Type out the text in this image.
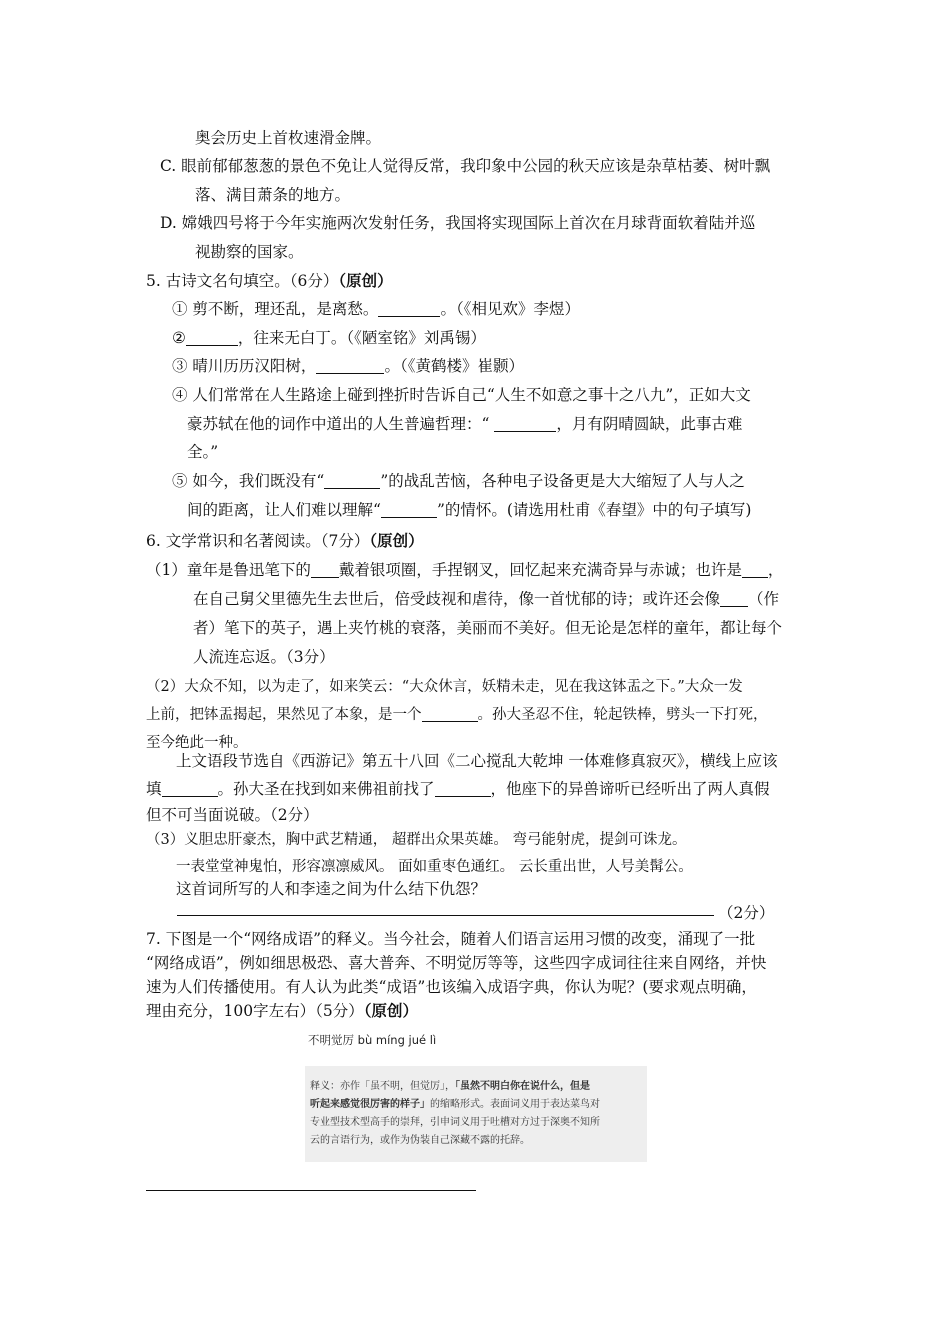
奥会历史上首枚速滑金牌。
C. 眼前郁郁葱葱的景色不免让人觉得反常，我印象中公园的秋天应该是杂草枯萎、树叶飘
落、满目萧条的地方。
D. 嫦娥四号将于今年实施两次发射任务，我国将实现国际上首次在月球背面软着陆并巡
视勘察的国家。
5. 古诗文名句填空。（6分）（原创）
① 剪不断，理还乱，是离愁。	。（《相见欢》李煜）
②	，往来无白丁。（《陋室铭》刘禹锡）
③ 晴川历历汉阳树，	。（《黄鹤楼》崔颢）
④ 人们常常在人生路途上碰到挫折时告诉自己“人生不如意之事十之八九”，正如大文
豪苏轼在他的词作中道出的人生普遍哲理：“	，月有阴晴圆缺，此事古难
全。”
⑤ 如今，我们既没有“	”的战乱苦恼，各种电子设备更是大大缩短了人与人之
间的距离，让人们难以理解“	”的情怀。(请选用杜甫《春望》中的句子填写)
6. 文学常识和名著阅读。（7分）（原创）
（1）童年是鲁迅笔下的 戴着银项圈，手捏钢叉，回忆起来充满奇异与赤诚；也许是 ，
在自己舅父里德先生去世后，倍受歧视和虐待，像一首忧郁的诗；或许还会像 （作
者）笔下的英子，遇上夹竹桃的衰落，美丽而不美好。但无论是怎样的童年，都让每个
人流连忘返。（3分）
（2）大众不知，以为走了，如来笑云：“大众休言，妖精未走，见在我这钵盂之下。”大众一发
上前，把钵盂揭起，果然见了本象，是一个	。孙大圣忍不住，轮起铁棒，劈头一下打死，
至今绝此一种。
上文语段节选自《西游记》第五十八回《二心搅乱大乾坤 一体难修真寂灭》，横线上应该
填	。孙大圣在找到如来佛祖前找了	，他座下的异兽谛听已经听出了两人真假
但不可当面说破。（2分）
（3）义胆忠肝豪杰，胸中武艺精通， 超群出众果英雄。 弯弓能射虎，提剑可诛龙。
一表堂堂神鬼怕，形容凛凛威风。 面如重枣色通红。 云长重出世，人号美髯公。
这首词所写的人和李逵之间为什么结下仇怨？
（2分）
7. 下图是一个“网络成语”的释义。当今社会，随着人们语言运用习惯的改变，涌现了一批
“网络成语”，例如细思极恐、喜大普奔、不明觉厉等等，这些四字成词往往来自网络，并快
速为人们传播使用。有人认为此类“成语”也该编入成语字典，你认为呢？(要求观点明确，
理由充分，100字左右）（5分）（原创）
不明觉厉 bù míng jué lì
释义：亦作「虽不明，但觉厉」，「虽然不明白你在说什么，但是
听起来感觉很厉害的样子」的缩略形式。表面词义用于表达菜鸟对
专业型技术型高手的崇拜，引申词义用于吐槽对方过于深奥不知所
云的言语行为，或作为伪装自己深藏不露的托辞。
